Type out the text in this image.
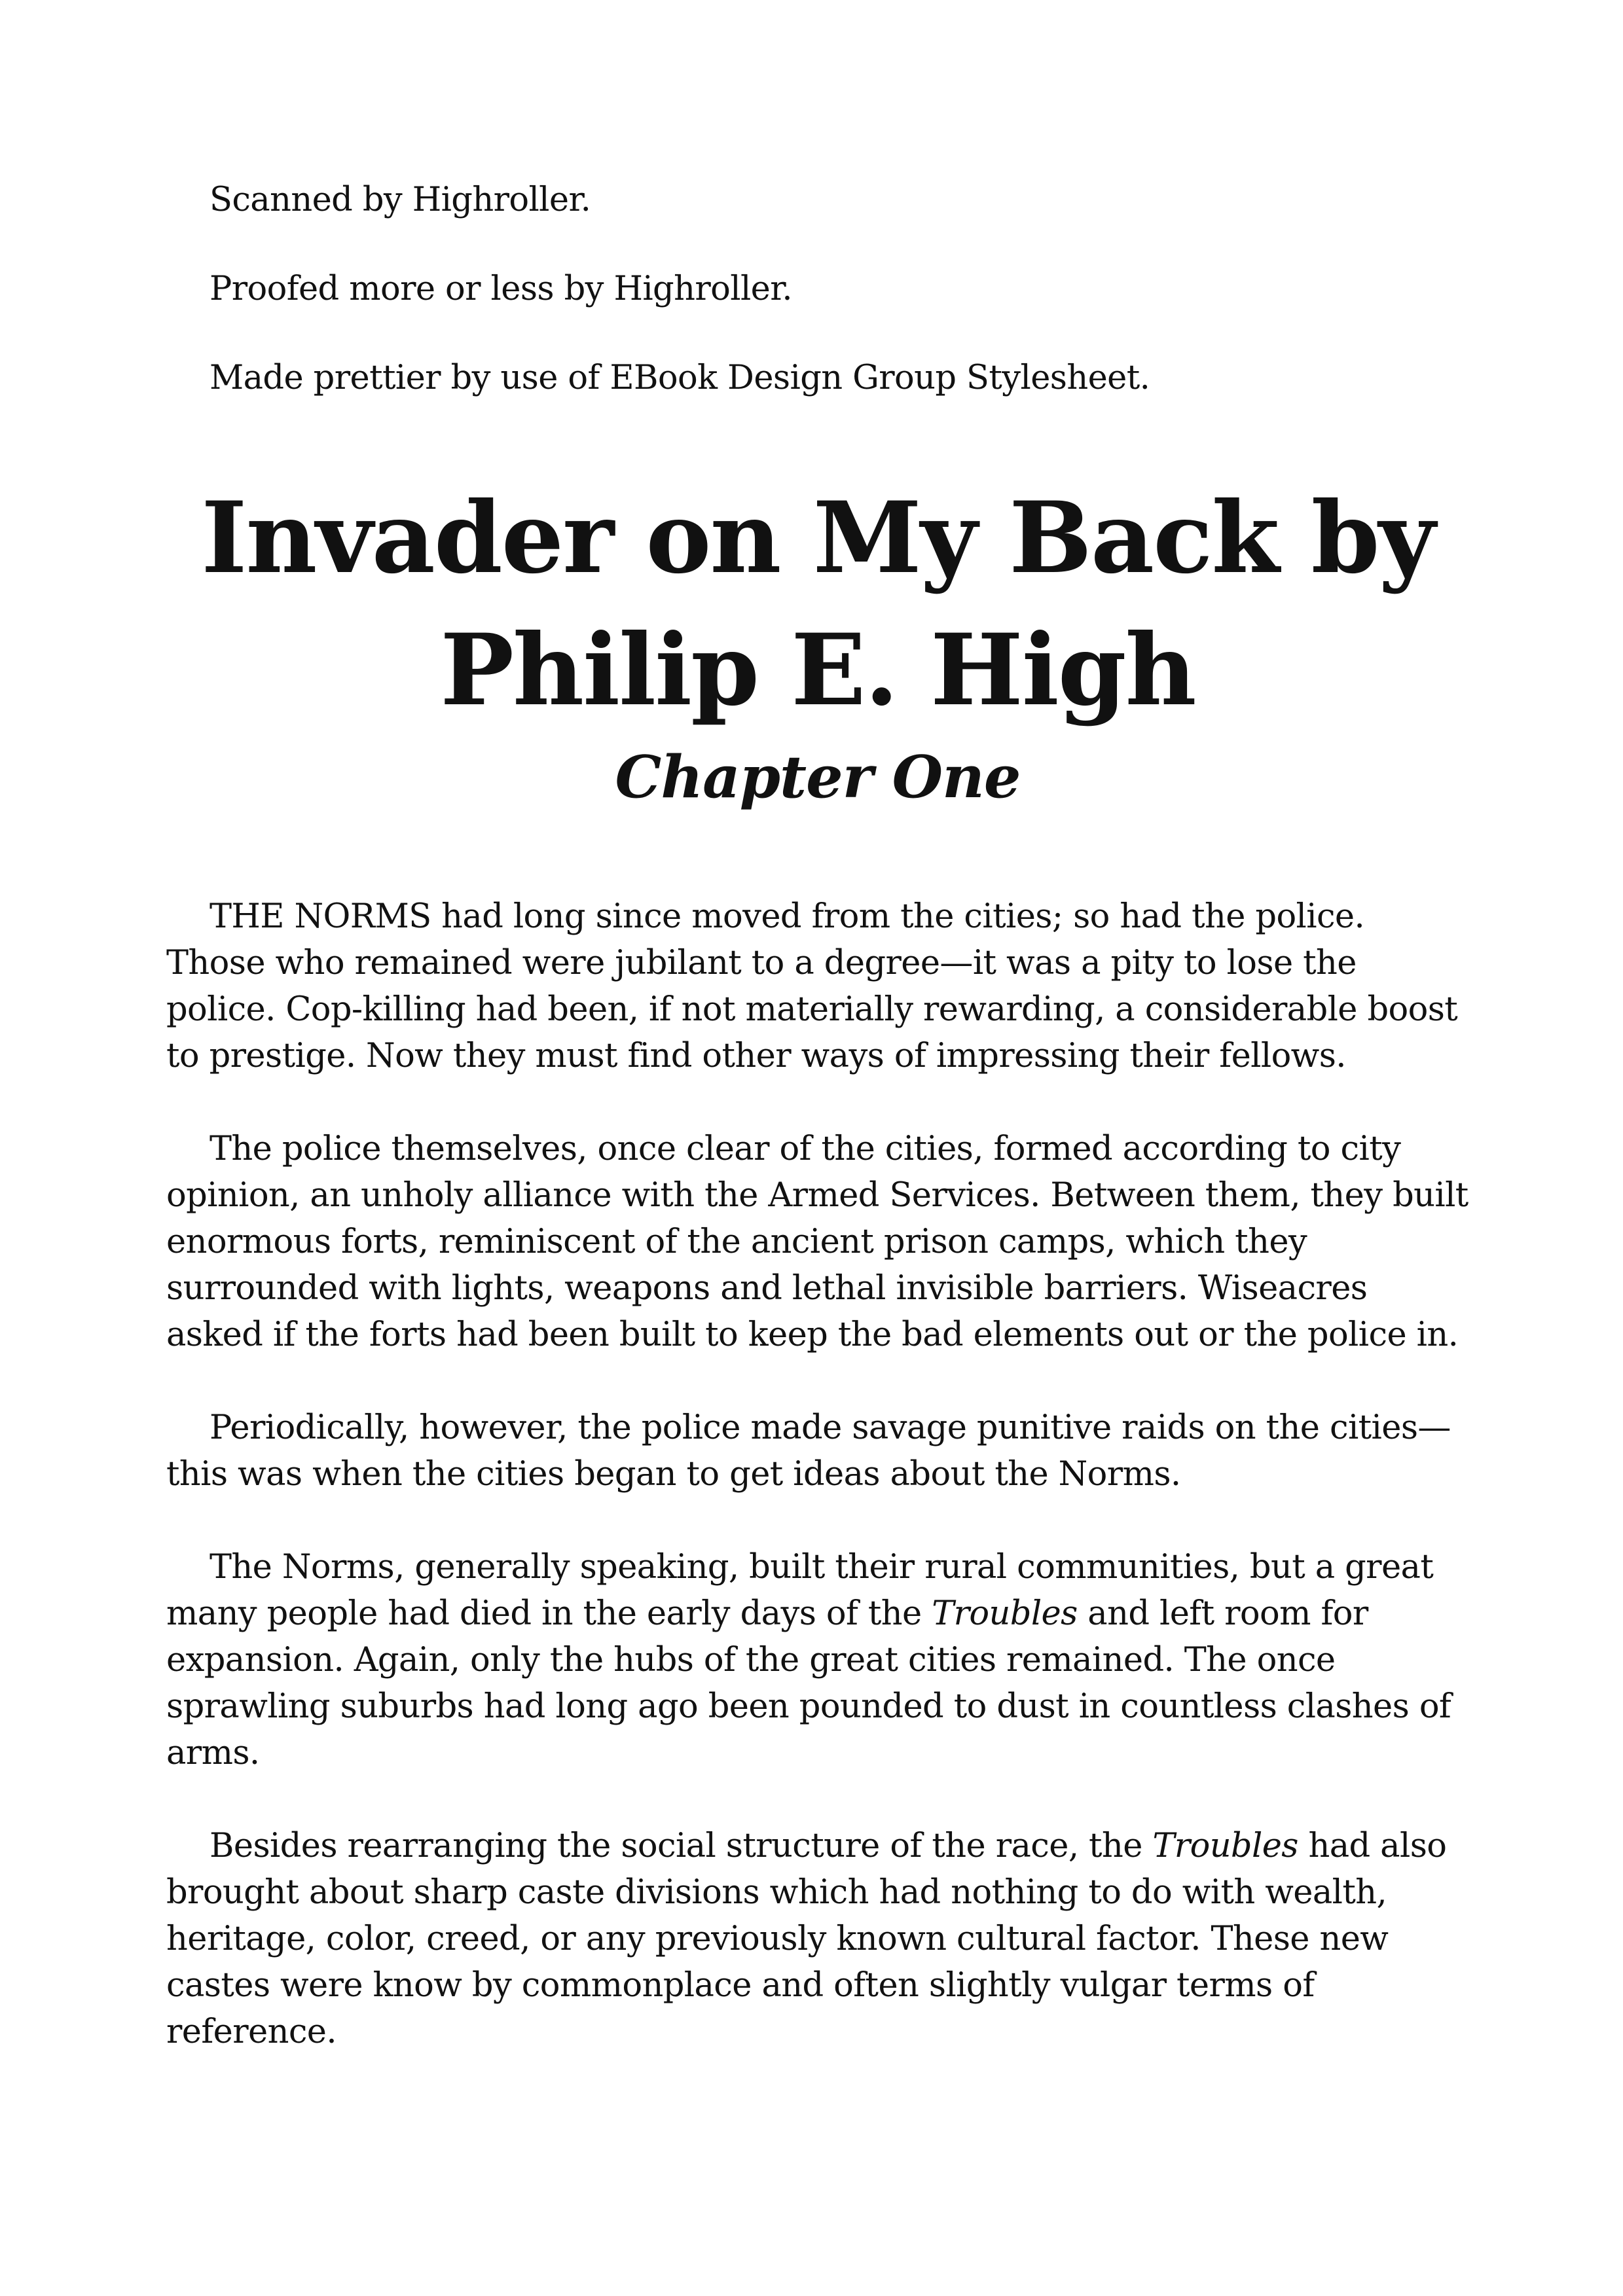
Scanned by Highroller.

Proofed more or less by Highroller.

Made prettier by use of EBook Design Group Stylesheet.

Invader on My Back by Philip E. High
Chapter One

THE NORMS had long since moved from the cities; so had the police. Those who remained were jubilant to a degree—it was a pity to lose the police. Cop-killing had been, if not materially rewarding, a considerable boost to prestige. Now they must find other ways of impressing their fellows.

The police themselves, once clear of the cities, formed according to city opinion, an unholy alliance with the Armed Services. Between them, they built enormous forts, reminiscent of the ancient prison camps, which they surrounded with lights, weapons and lethal invisible barriers. Wiseacres asked if the forts had been built to keep the bad elements out or the police in.

Periodically, however, the police made savage punitive raids on the cities—this was when the cities began to get ideas about the Norms.

The Norms, generally speaking, built their rural communities, but a great many people had died in the early days of the Troubles and left room for expansion. Again, only the hubs of the great cities remained. The once sprawling suburbs had long ago been pounded to dust in countless clashes of arms.

Besides rearranging the social structure of the race, the Troubles had also brought about sharp caste divisions which had nothing to do with wealth, heritage, color, creed, or any previously known cultural factor. These new castes were know by commonplace and often slightly vulgar terms of reference.
